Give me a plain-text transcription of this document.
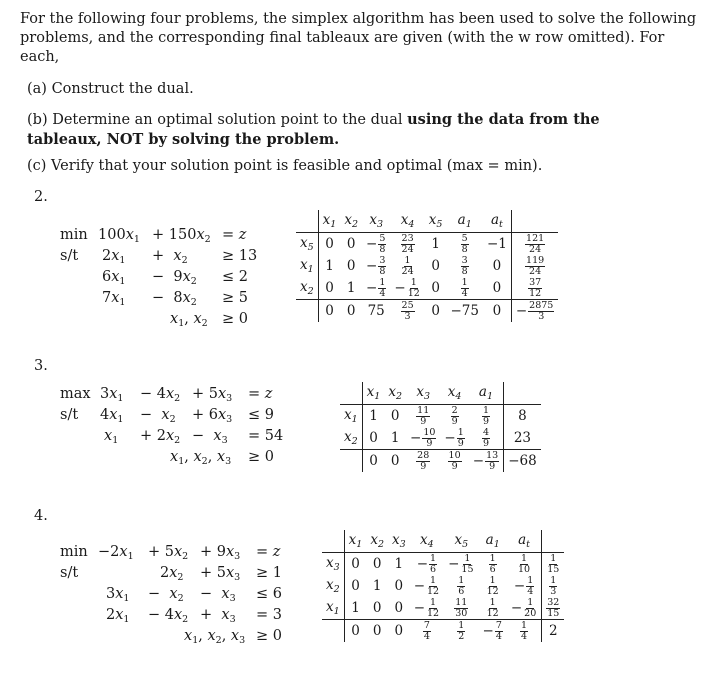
For the following four problems, the simplex algorithm has been used to solve the following problems, and the corresponding final tableaux are given (with the w row omitted). For each,
(a) Construct the dual.
(b) Determine an optimal solution point to the dual using the data from the tableaux, NOT by solving the problem.
(c) Verify that your solution point is feasible and optimal (max = min).
2.
$\min 100x_1 + 150x_2 = z$
s/t $2x_1 + x_2 \ge 13$
$6x_1 - 9x_2 \le 2$
$7x_1 - 8x_2 \ge 5$
$x_1$, $x_2 \ge 0$
	$x_1$	$x_2$	$x_3$	$x_4$	$x_5$	$a_1$	$a_t$	
$x_5$	0	0	− $\frac{5}{8}$	$\frac{23}{24}$	1	$\frac{5}{8}$	−1	$\frac{121}{24}$

$x_1$	1	0	− $\frac{3}{8}$	$\frac{1}{24}$	0	$\frac{3}{8}$	0	$\frac{119}{24}$

$x_2$	0	1	− $\frac{1}{4}$	− $\frac{1}{12}$	0	$\frac{1}{4}$	0	$\frac{37}{12}$

	0	0	75	$\frac{25}{3}$	0	−75	0	− $\frac{2875}{3}$
3.
$\max 3x_1 - 4x_2 + 5x_3 = z$
s/t $4x_1 - x_2 + 6x_3 \le 9$
$x_1 + 2x_2 - x_3 = 54$
$x_1$, $x_2$, $x_3 \ge 0$
	$x_1$	$x_2$	$x_3$	$x_4$	$a_1$	
$x_1$	1	0	$\frac{11}{9}$	$\frac{2}{9}$	$\frac{1}{9}$	8
$x_2$	0	1	− $\frac{10}{9}$	− $\frac{1}{9}$	$\frac{4}{9}$	23
	0	0	$\frac{28}{9}$	$\frac{10}{9}$	− $\frac{13}{9}$	−68
4.
$\min -2x_1 + 5x_2 + 9x_3 = z$
s/t	$2x_2 + 5x_3 \ge 1$
$3x_1 - x_2 - x_3 \le 6$
$2x_1 - 4x_2 + x_3 = 3$
$x_1$, $x_2$, $x_3 \ge 0$
	$x_1$	$x_2$	$x_3$	$x_4$	$x_5$	$a_1$	$a_t$	
$x_3$	0	0	1	− $\frac{1}{6}$	− $\frac{1}{15}$	$\frac{1}{6}$	$\frac{1}{10}$	$\frac{1}{15}$

$x_2$	0	1	0	− $\frac{1}{12}$	$\frac{1}{6}$	$\frac{1}{12}$	− $\frac{1}{4}$	$\frac{1}{3}$

$x_1$	1	0	0	− $\frac{1}{12}$	$\frac{11}{30}$	$\frac{1}{12}$	− $\frac{1}{20}$	$\frac{32}{15}$

	0	0	0	$\frac{7}{4}$	$\frac{1}{2}$	− $\frac{7}{4}$	$\frac{1}{4}$	2
